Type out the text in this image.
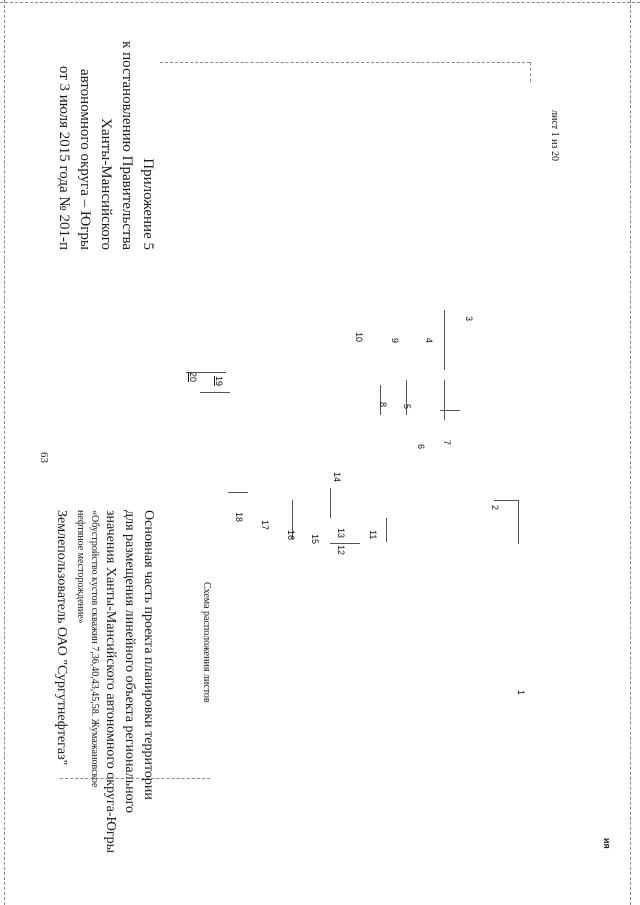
63
Приложение 5
к постановлению Правительства
Ханты-Мансийского
автономного округа – Югры
от 3 июля 2015 года № 201-п
Основная часть проекта планировки территории
для размещения линейного объекта регионального
значения Ханты-Мансийского автономного округа-Югры
«Обустройство кустов скважин 7,36,40,43,45,58. Жумажановское
нефтяное месторождение»
Землепользователь ОАО "Сургутнефтегаз"	Схема расположения листов
лист 1 из 20
ия
1
2
3
4
5
6
7
8
9
10
11
12
13
14
15
16
17
18
19
20
